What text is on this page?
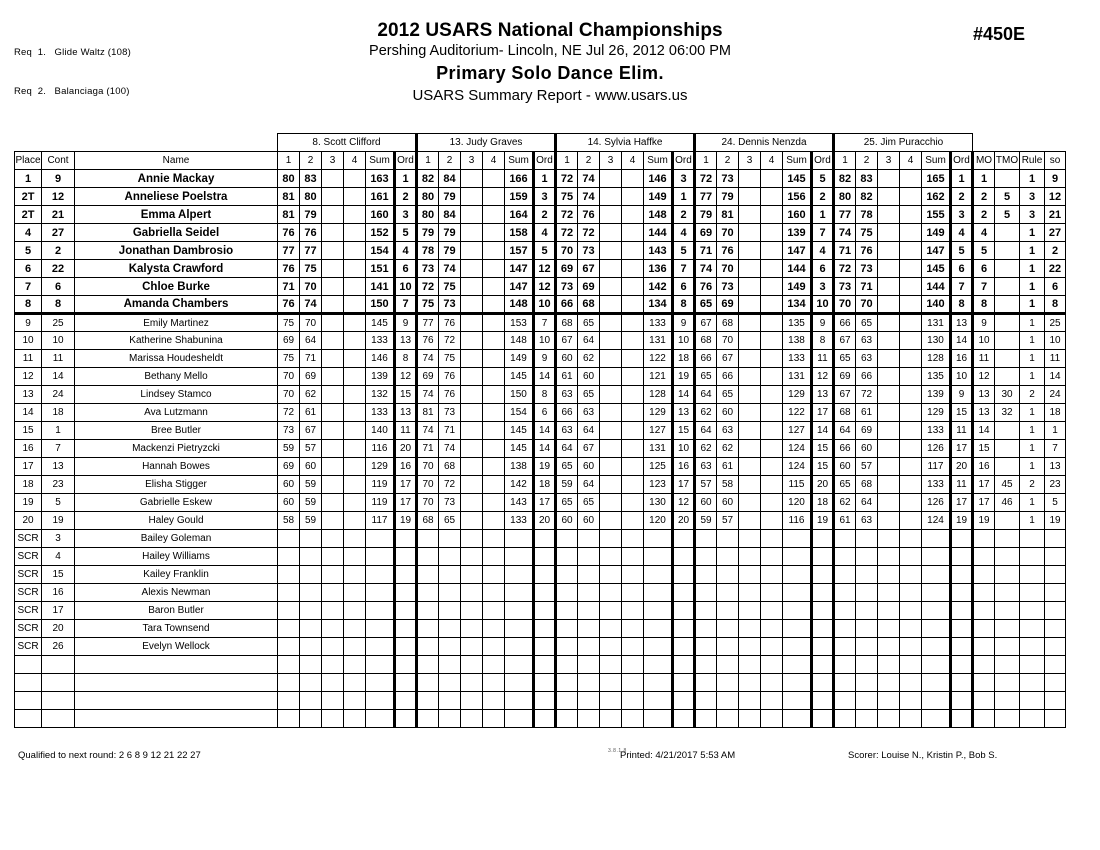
Req  1.   Glide Waltz (108)

Req  2.   Balanciaga (100)

2012 USARS National Championships
Pershing Auditorium- Lincoln, NE Jul 26, 2012 06:00 PM
Primary Solo Dance Elim.
USARS Summary Report - www.usars.us
#450E
			8. Scott Clifford						13. Judy Graves						14. Sylvia Haffke						24. Dennis Nenzda						25. Jim Puracchio									
Place	Cont	Name	1	2	3	4	Sum	Ord	1	2	3	4	Sum	Ord	1	2	3	4	Sum	Ord	1	2	3	4	Sum	Ord	1	2	3	4	Sum	Ord	MO	TMO	Rule	so
1	9	Annie Mackay	80	83			163	1	82	84			166	1	72	74			146	3	72	73			145	5	82	83			165	1	1		1	9
2T	12	Anneliese Poelstra	81	80			161	2	80	79			159	3	75	74			149	1	77	79			156	2	80	82			162	2	2	5	3	12
2T	21	Emma Alpert	81	79			160	3	80	84			164	2	72	76			148	2	79	81			160	1	77	78			155	3	2	5	3	21
4	27	Gabriella Seidel	76	76			152	5	79	79			158	4	72	72			144	4	69	70			139	7	74	75			149	4	4		1	27
5	2	Jonathan Dambrosio	77	77			154	4	78	79			157	5	70	73			143	5	71	76			147	4	71	76			147	5	5		1	2
6	22	Kalysta Crawford	76	75			151	6	73	74			147	12	69	67			136	7	74	70			144	6	72	73			145	6	6		1	22
7	6	Chloe Burke	71	70			141	10	72	75			147	12	73	69			142	6	76	73			149	3	73	71			144	7	7		1	6
8	8	Amanda Chambers	76	74			150	7	75	73			148	10	66	68			134	8	65	69			134	10	70	70			140	8	8		1	8
9	25	Emily Martinez	75	70			145	9	77	76			153	7	68	65			133	9	67	68			135	9	66	65			131	13	9		1	25
10	10	Katherine Shabunina	69	64			133	13	76	72			148	10	67	64			131	10	68	70			138	8	67	63			130	14	10		1	10
11	11	Marissa Houdesheldt	75	71			146	8	74	75			149	9	60	62			122	18	66	67			133	11	65	63			128	16	11		1	11
12	14	Bethany Mello	70	69			139	12	69	76			145	14	61	60			121	19	65	66			131	12	69	66			135	10	12		1	14
13	24	Lindsey Stamco	70	62			132	15	74	76			150	8	63	65			128	14	64	65			129	13	67	72			139	9	13	30	2	24
14	18	Ava Lutzmann	72	61			133	13	81	73			154	6	66	63			129	13	62	60			122	17	68	61			129	15	13	32	1	18
15	1	Bree Butler	73	67			140	11	74	71			145	14	63	64			127	15	64	63			127	14	64	69			133	11	14		1	1
16	7	Mackenzi Pietryzcki	59	57			116	20	71	74			145	14	64	67			131	10	62	62			124	15	66	60			126	17	15		1	7
17	13	Hannah Bowes	69	60			129	16	70	68			138	19	65	60			125	16	63	61			124	15	60	57			117	20	16		1	13
18	23	Elisha Stigger	60	59			119	17	70	72			142	18	59	64			123	17	57	58			115	20	65	68			133	11	17	45	2	23
19	5	Gabrielle Eskew	60	59			119	17	70	73			143	17	65	65			130	12	60	60			120	18	62	64			126	17	17	46	1	5
20	19	Haley Gould	58	59			117	19	68	65			133	20	60	60			120	20	59	57			116	19	61	63			124	19	19		1	19
SCR	3	Bailey Goleman																																		
SCR	4	Hailey Williams																																		
SCR	15	Kailey Franklin																																		
SCR	16	Alexis Newman																																		
SCR	17	Baron Butler																																		
SCR	20	Tara Townsend																																		
SCR	26	Evelyn Wellock																																		

3.8.1.8
Qualified to next round: 2 6 8 9 12 21 22 27	Printed: 4/21/2017 5:53 AM	Scorer: Louise N., Kristin P., Bob S.
